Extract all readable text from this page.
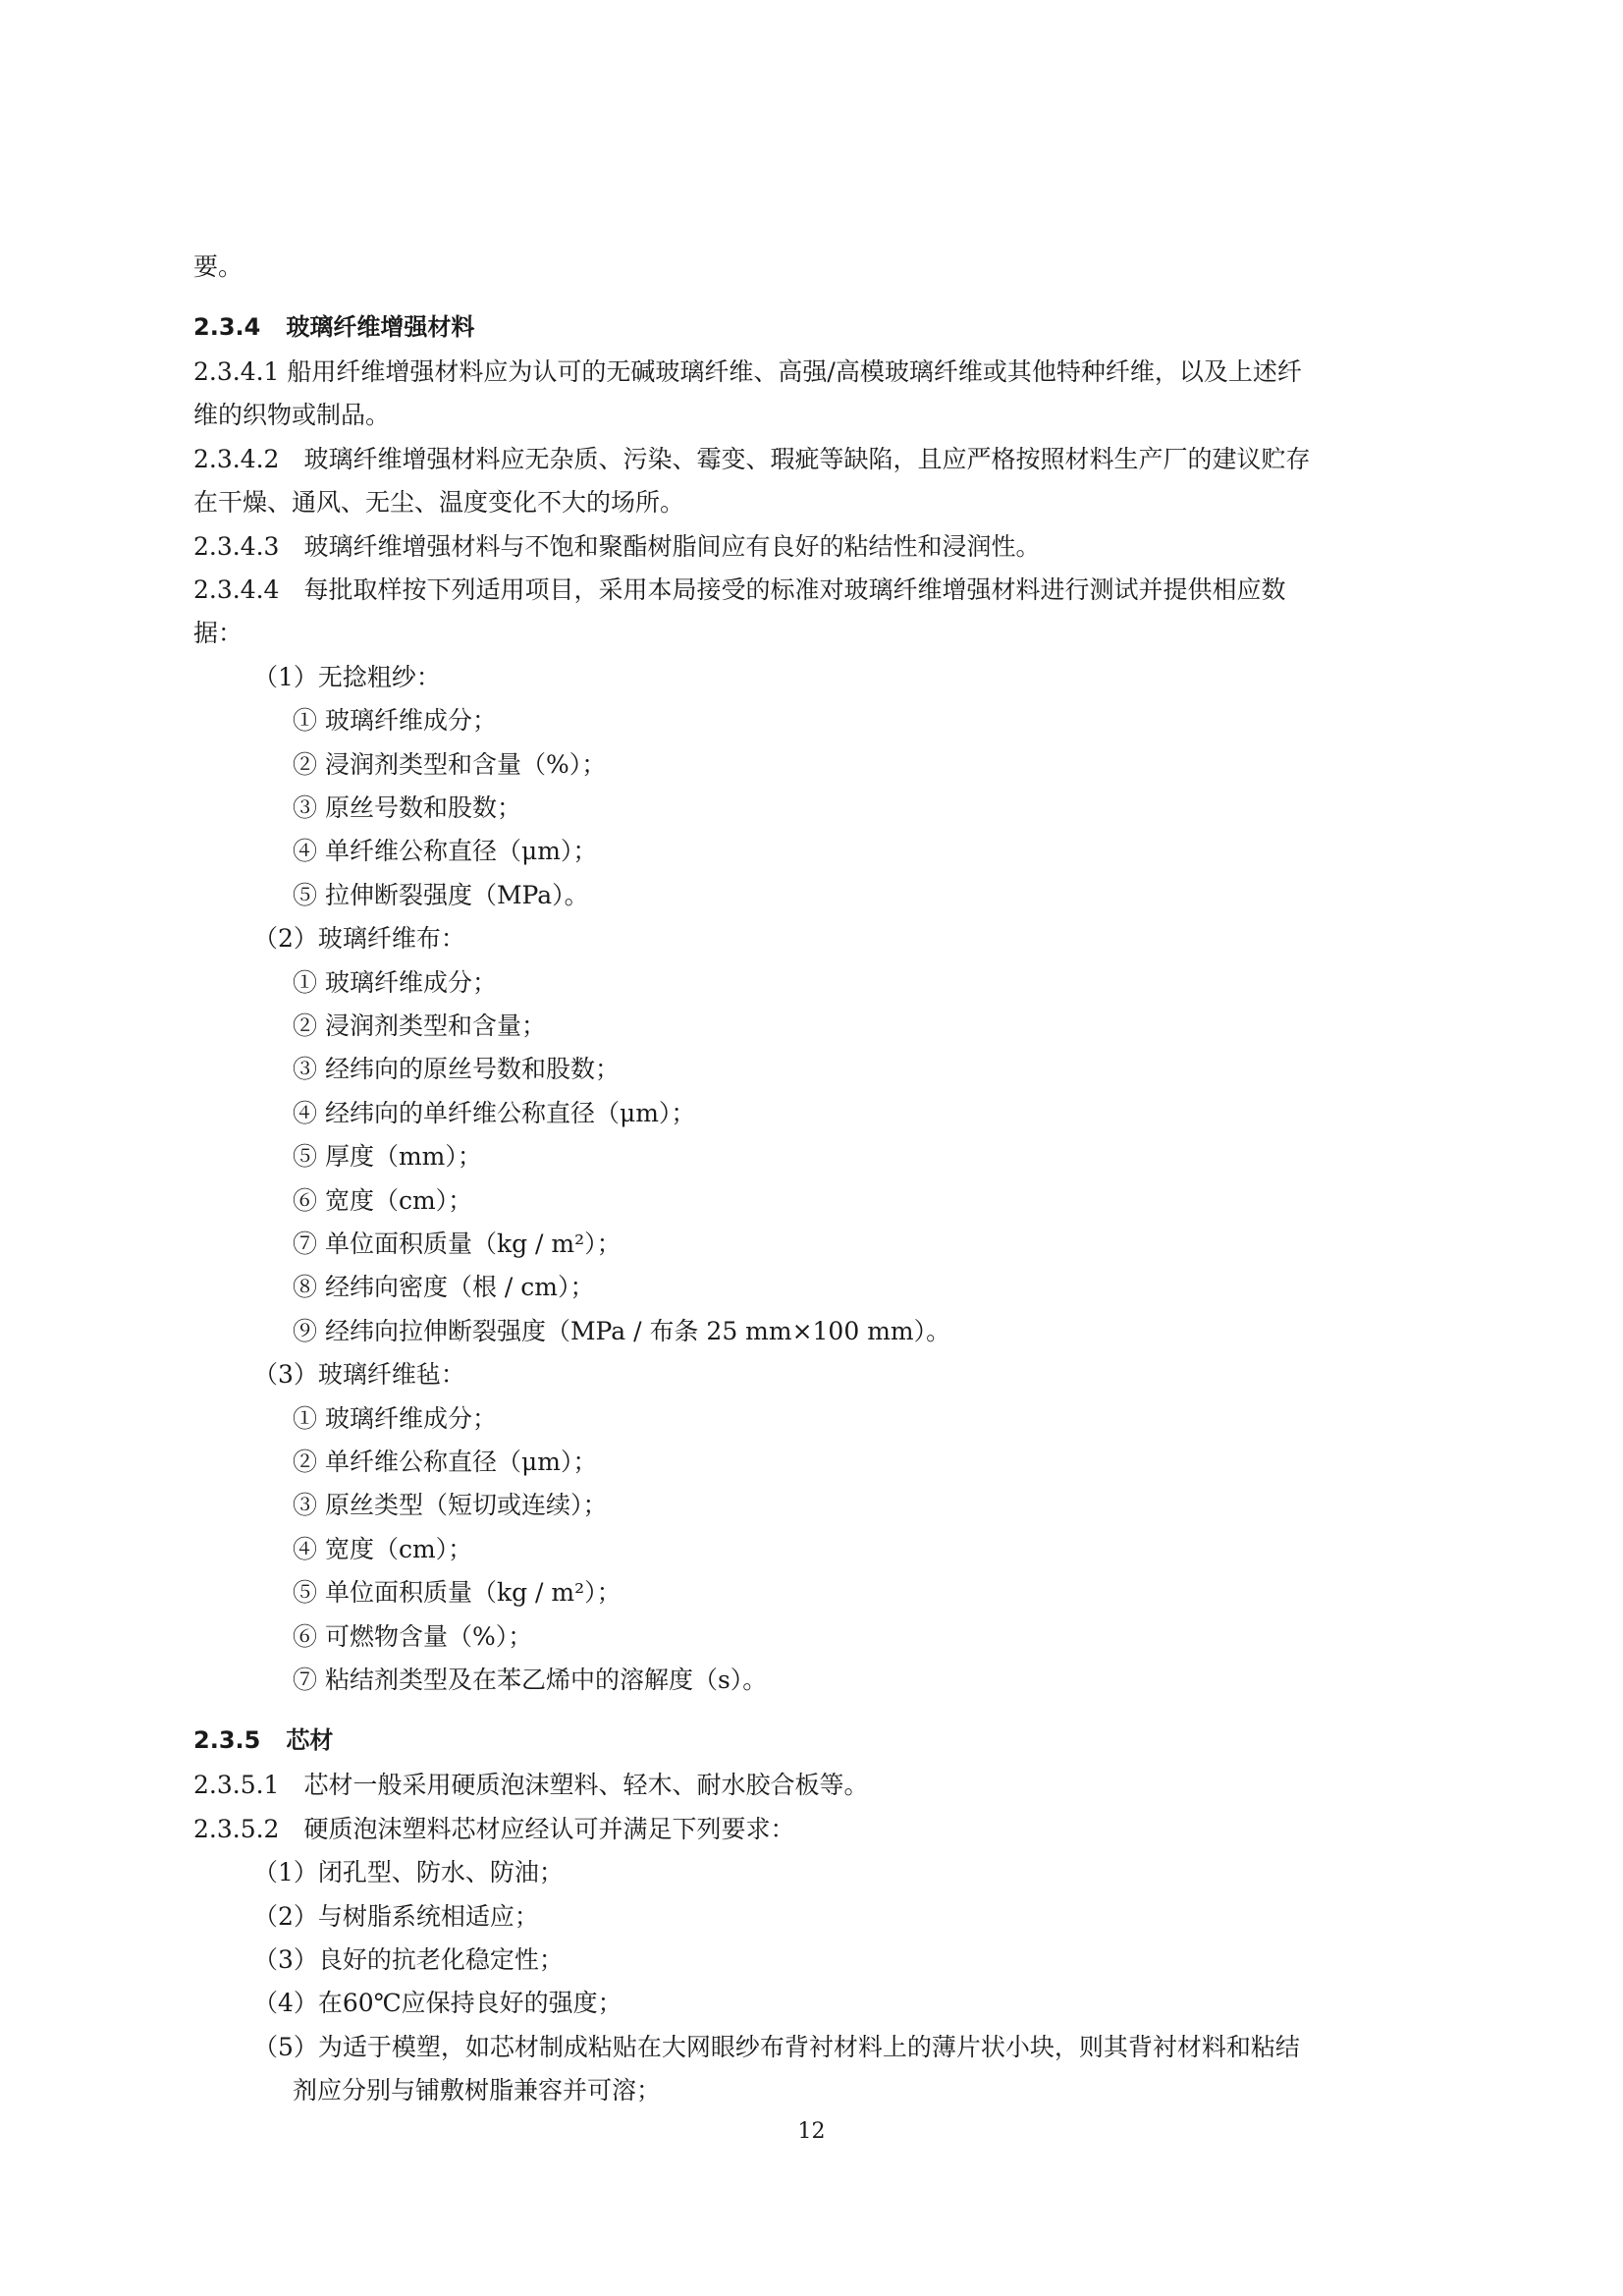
要。
2.3.4 玻璃纤维增强材料
2.3.4.1 船用纤维增强材料应为认可的无碱玻璃纤维、高强/高模玻璃纤维或其他特种纤维，以及上述纤
维的织物或制品。
2.3.4.2　玻璃纤维增强材料应无杂质、污染、霉变、瑕疵等缺陷，且应严格按照材料生产厂的建议贮存
在干燥、通风、无尘、温度变化不大的场所。
2.3.4.3　玻璃纤维增强材料与不饱和聚酯树脂间应有良好的粘结性和浸润性。
2.3.4.4　每批取样按下列适用项目，采用本局接受的标准对玻璃纤维增强材料进行测试并提供相应数
据：
（1）无捻粗纱：
① 玻璃纤维成分；
② 浸润剂类型和含量（%）；
③ 原丝号数和股数；
④ 单纤维公称直径（μm）；
⑤ 拉伸断裂强度（MPa）。
（2）玻璃纤维布：
① 玻璃纤维成分；
② 浸润剂类型和含量；
③ 经纬向的原丝号数和股数；
④ 经纬向的单纤维公称直径（μm）；
⑤ 厚度（mm）；
⑥ 宽度（cm）；
⑦ 单位面积质量（kg / m²）；
⑧ 经纬向密度（根 / cm）；
⑨ 经纬向拉伸断裂强度（MPa / 布条 25 mm×100 mm）。
（3）玻璃纤维毡：
① 玻璃纤维成分；
② 单纤维公称直径（μm）；
③ 原丝类型（短切或连续）；
④ 宽度（cm）；
⑤ 单位面积质量（kg / m²）；
⑥ 可燃物含量（%）；
⑦ 粘结剂类型及在苯乙烯中的溶解度（s）。
2.3.5 芯材
2.3.5.1　芯材一般采用硬质泡沫塑料、轻木、耐水胶合板等。
2.3.5.2　硬质泡沫塑料芯材应经认可并满足下列要求：
（1）闭孔型、防水、防油；
（2）与树脂系统相适应；
（3）良好的抗老化稳定性；
（4）在60℃应保持良好的强度；
（5）为适于模塑，如芯材制成粘贴在大网眼纱布背衬材料上的薄片状小块，则其背衬材料和粘结
剂应分别与铺敷树脂兼容并可溶；
12
